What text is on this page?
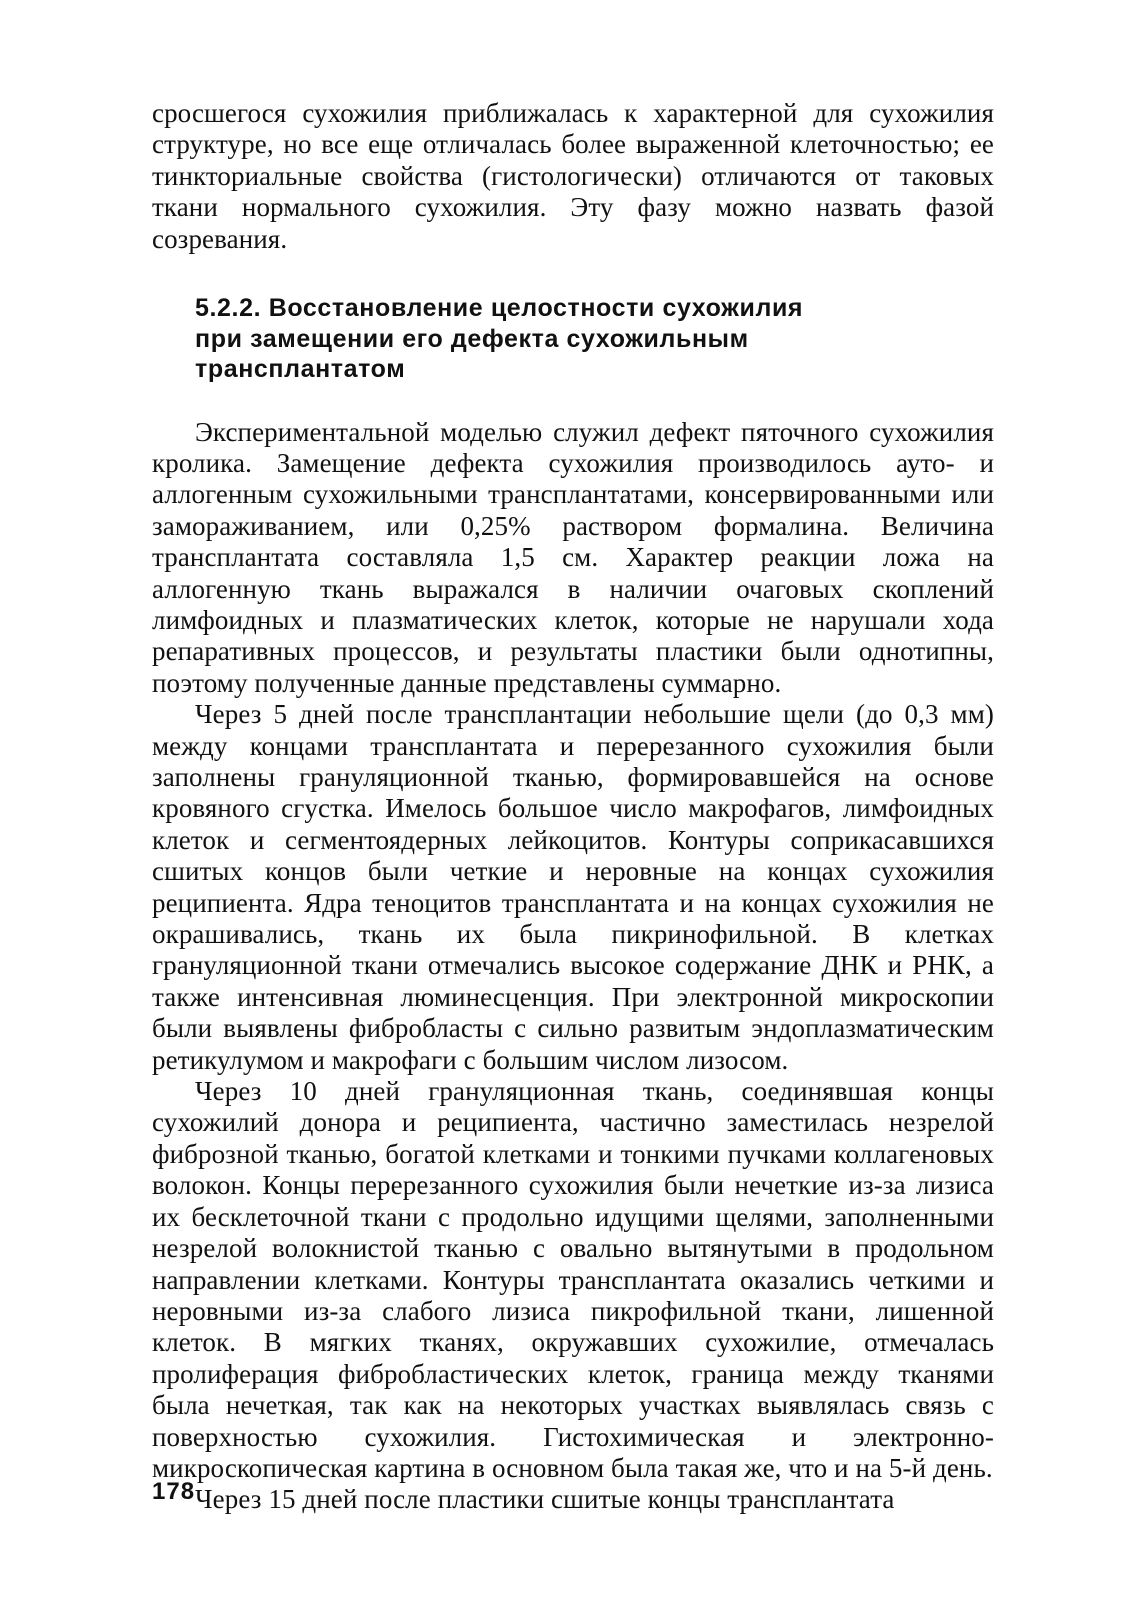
сросшегося сухожилия приближалась к характерной для сухожилия структуре, но все еще отличалась более выраженной клеточностью; ее тинкториальные свойства (гистологически) отличаются от таковых ткани нормального сухожилия. Эту фазу можно назвать фазой созревания.

5.2.2. Восстановление целостности сухожилия
при замещении его дефекта сухожильным
трансплантатом

Экспериментальной моделью служил дефект пяточного сухожилия кролика. Замещение дефекта сухожилия производилось ауто- и аллогенным сухожильными трансплантатами, консервированными или замораживанием, или 0,25% раствором формалина. Величина трансплантата составляла 1,5 см. Характер реакции ложа на аллогенную ткань выражался в наличии очаговых скоплений лимфоидных и плазматических клеток, которые не нарушали хода репаративных процессов, и результаты пластики были однотипны, поэтому полученные данные представлены суммарно.

Через 5 дней после трансплантации небольшие щели (до 0,3 мм) между концами трансплантата и перерезанного сухожилия были заполнены грануляционной тканью, формировавшейся на основе кровяного сгустка. Имелось большое число макрофагов, лимфоидных клеток и сегментоядерных лейкоцитов. Контуры соприкасавшихся сшитых концов были четкие и неровные на концах сухожилия реципиента. Ядра теноцитов трансплантата и на концах сухожилия не окрашивались, ткань их была пикринофильной. В клетках грануляционной ткани отмечались высокое содержание ДНК и РНК, а также интенсивная люминесценция. При электронной микроскопии были выявлены фибробласты с сильно развитым эндоплазматическим ретикулумом и макрофаги с большим числом лизосом.

Через 10 дней грануляционная ткань, соединявшая концы сухожилий донора и реципиента, частично заместилась незрелой фиброзной тканью, богатой клетками и тонкими пучками коллагеновых волокон. Концы перерезанного сухожилия были нечеткие из-за лизиса их бесклеточной ткани с продольно идущими щелями, заполненными незрелой волокнистой тканью с овально вытянутыми в продольном направлении клетками. Контуры трансплантата оказались четкими и неровными из-за слабого лизиса пикрофильной ткани, лишенной клеток. В мягких тканях, окружавших сухожилие, отмечалась пролиферация фибробластических клеток, граница между тканями была нечеткая, так как на некоторых участках выявлялась связь с поверхностью сухожилия. Гистохимическая и электронно-микроскопическая картина в основном была такая же, что и на 5-й день.

Через 15 дней после пластики сшитые концы трансплантата

178
